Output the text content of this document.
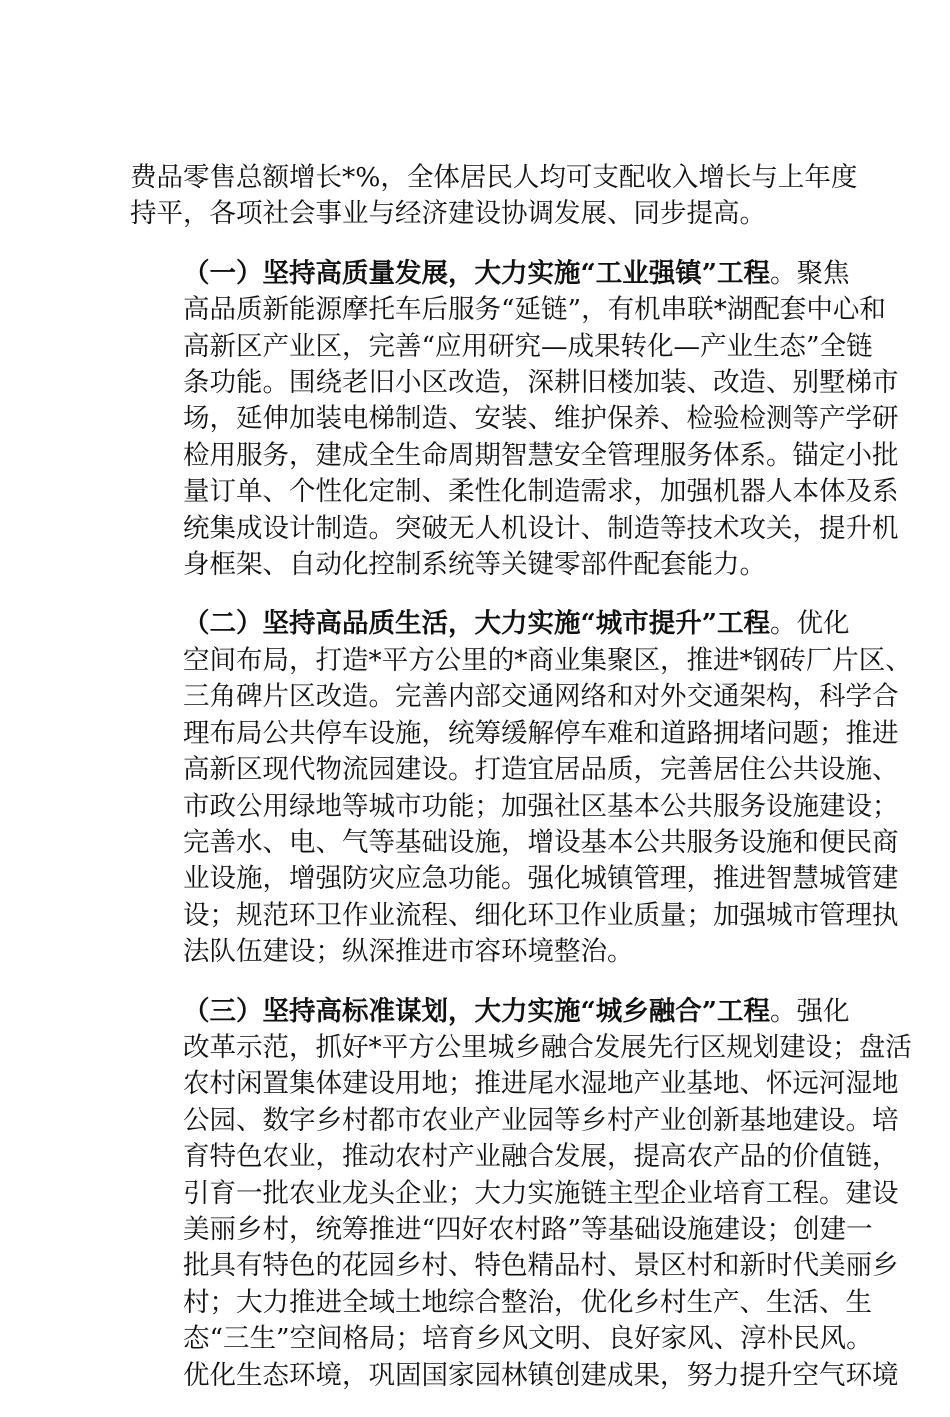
费品零售总额增长*%，全体居民人均可支配收入增长与上年度
持平，各项社会事业与经济建设协调发展、同步提高。
（一）坚持高质量发展，大力实施“工业强镇”工程。聚焦
高品质新能源摩托车后服务“延链”，有机串联*湖配套中心和
高新区产业区，完善“应用研究—成果转化—产业生态”全链
条功能。围绕老旧小区改造，深耕旧楼加装、改造、别墅梯市
场，延伸加装电梯制造、安装、维护保养、检验检测等产学研
检用服务，建成全生命周期智慧安全管理服务体系。锚定小批
量订单、个性化定制、柔性化制造需求，加强机器人本体及系
统集成设计制造。突破无人机设计、制造等技术攻关，提升机
身框架、自动化控制系统等关键零部件配套能力。
（二）坚持高品质生活，大力实施“城市提升”工程。优化
空间布局，打造*平方公里的*商业集聚区，推进*钢砖厂片区、
三角碑片区改造。完善内部交通网络和对外交通架构，科学合
理布局公共停车设施，统筹缓解停车难和道路拥堵问题；推进
高新区现代物流园建设。打造宜居品质，完善居住公共设施、
市政公用绿地等城市功能；加强社区基本公共服务设施建设；
完善水、电、气等基础设施，增设基本公共服务设施和便民商
业设施，增强防灾应急功能。强化城镇管理，推进智慧城管建
设；规范环卫作业流程、细化环卫作业质量；加强城市管理执
法队伍建设；纵深推进市容环境整治。
（三）坚持高标准谋划，大力实施“城乡融合”工程。强化
改革示范，抓好*平方公里城乡融合发展先行区规划建设；盘活
农村闲置集体建设用地；推进尾水湿地产业基地、怀远河湿地
公园、数字乡村都市农业产业园等乡村产业创新基地建设。培
育特色农业，推动农村产业融合发展，提高农产品的价值链，
引育一批农业龙头企业；大力实施链主型企业培育工程。建设
美丽乡村，统筹推进“四好农村路”等基础设施建设；创建一
批具有特色的花园乡村、特色精品村、景区村和新时代美丽乡
村；大力推进全域土地综合整治，优化乡村生产、生活、生
态“三生”空间格局；培育乡风文明、良好家风、淳朴民风。
优化生态环境，巩固国家园林镇创建成果，努力提升空气环境
